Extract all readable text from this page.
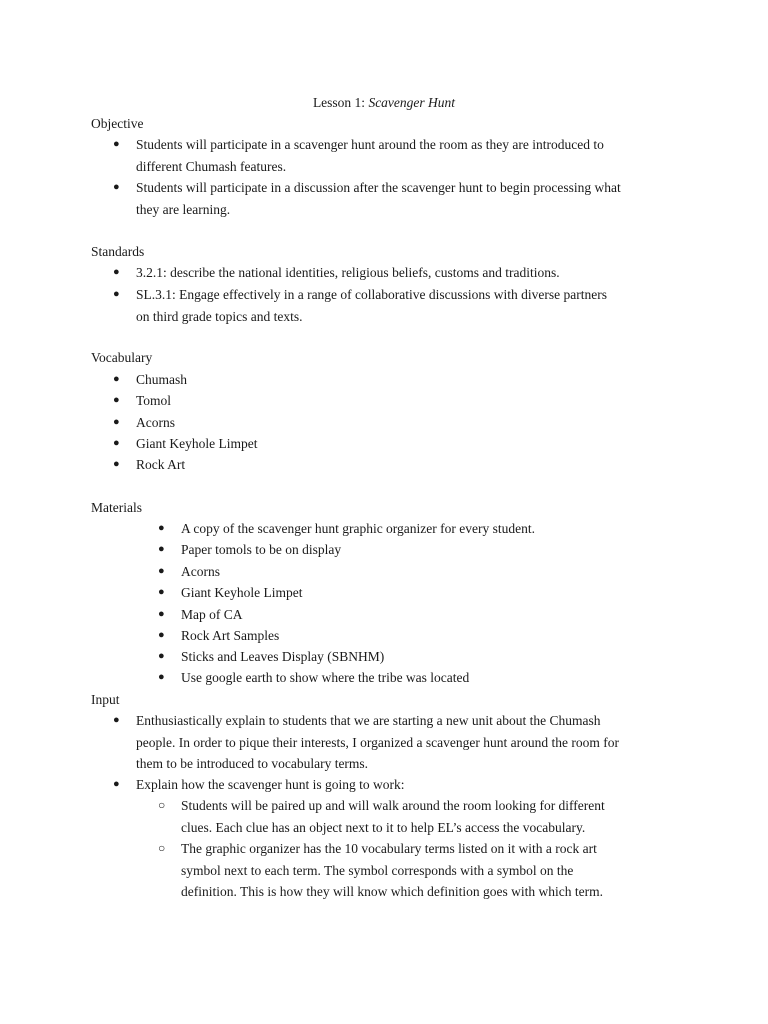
Lesson 1: Scavenger Hunt
Objective
● Students will participate in a scavenger hunt around the room as they are introduced to
different Chumash features.
● Students will participate in a discussion after the scavenger hunt to begin processing what
they are learning.
Standards
● 3.2.1: describe the national identities, religious beliefs, customs and traditions.
● SL.3.1: Engage effectively in a range of collaborative discussions with diverse partners
on third grade topics and texts.
Vocabulary
● Chumash
● Tomol
● Acorns
● Giant Keyhole Limpet
● Rock Art
Materials
● A copy of the scavenger hunt graphic organizer for every student.
● Paper tomols to be on display
● Acorns
● Giant Keyhole Limpet
● Map of CA
● Rock Art Samples
● Sticks and Leaves Display (SBNHM)
● Use google earth to show where the tribe was located
Input
● Enthusiastically explain to students that we are starting a new unit about the Chumash
people. In order to pique their interests, I organized a scavenger hunt around the room for
them to be introduced to vocabulary terms.
● Explain how the scavenger hunt is going to work:
○ Students will be paired up and will walk around the room looking for different
clues. Each clue has an object next to it to help EL’s access the vocabulary.
○ The graphic organizer has the 10 vocabulary terms listed on it with a rock art
symbol next to each term. The symbol corresponds with a symbol on the
definition. This is how they will know which definition goes with which term.
